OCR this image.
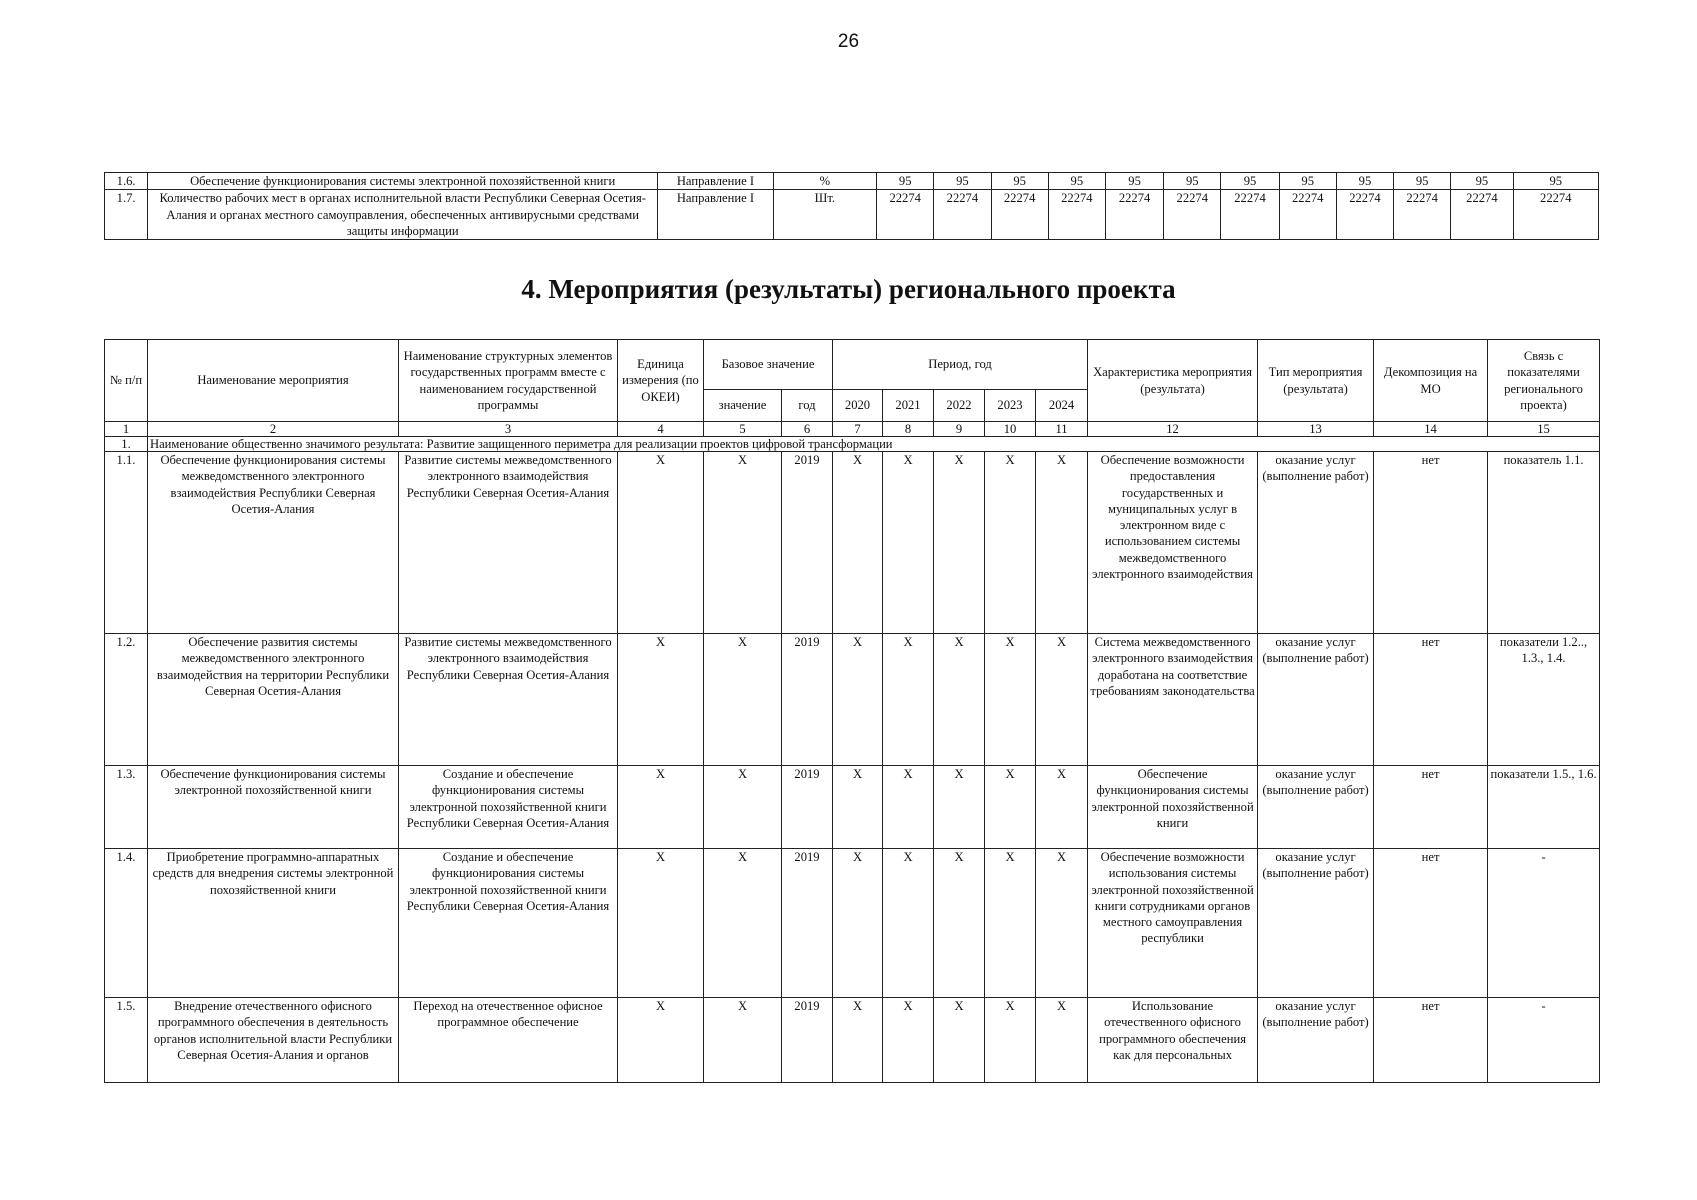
26
1.6.	Обеспечение функционирования системы электронной похозяйственной книги	Направление I	%	95	95	95	95	95	95	95	95	95	95	95	95
1.7.	Количество рабочих мест в органах исполнительной власти Республики Северная Осетия-Алания и органах местного самоуправления, обеспеченных антивирусными средствами защиты информации	Направление I	Шт.	22274	22274	22274	22274	22274	22274	22274	22274	22274	22274	22274	22274
4. Мероприятия (результаты) регионального проекта
№ п/п	Наименование мероприятия	Наименование структурных элементов государственных программ вместе с наименованием государственной программы	Единица измерения (по ОКЕИ)	Базовое значение		Период, год					Характеристика мероприятия (результата)	Тип мероприятия (результата)	Декомпозиция на МО	Связь с показателями регионального проекта)
				значение	год	2020	2021	2022	2023	2024				
1	2	3	4	5	6	7	8	9	10	11	12	13	14	15
1.	Наименование общественно значимого результата: Развитие защищенного периметра для реализации проектов цифровой трансформации													
1.1.	Обеспечение функционирования системы межведомственного электронного взаимодействия Республики Северная Осетия-Алания	Развитие системы межведомственного электронного взаимодействия Республики Северная Осетия-Алания	X	X	2019	X	X	X	X	X	Обеспечение возможности предоставления государственных и муниципальных услуг в электронном виде с использованием системы межведомственного электронного взаимодействия	оказание услуг (выполнение работ)	нет	показатель 1.1.
1.2.	Обеспечение развития системы межведомственного электронного взаимодействия на территории Республики Северная Осетия-Алания	Развитие системы межведомственного электронного взаимодействия Республики Северная Осетия-Алания	X	X	2019	X	X	X	X	X	Система межведомственного электронного взаимодействия доработана на соответствие требованиям законодательства	оказание услуг (выполнение работ)	нет	показатели 1.2.., 1.3., 1.4.
1.3.	Обеспечение функционирования системы электронной похозяйственной книги	Создание и обеспечение функционирования системы электронной похозяйственной книги Республики Северная Осетия-Алания	X	X	2019	X	X	X	X	X	Обеспечение функционирования системы электронной похозяйственной книги	оказание услуг (выполнение работ)	нет	показатели 1.5., 1.6.
1.4.	Приобретение программно-аппаратных средств для внедрения системы электронной похозяйственной книги	Создание и обеспечение функционирования системы электронной похозяйственной книги Республики Северная Осетия-Алания	X	X	2019	X	X	X	X	X	Обеспечение возможности использования системы электронной похозяйственной книги сотрудниками органов местного самоуправления республики	оказание услуг (выполнение работ)	нет	-
1.5.	Внедрение отечественного офисного программного обеспечения в деятельность органов исполнительной власти Республики Северная Осетия-Алания и органов	Переход на отечественное офисное программное обеспечение	X	X	2019	X	X	X	X	X	Использование отечественного офисного программного обеспечения как для персональных	оказание услуг (выполнение работ)	нет	-
